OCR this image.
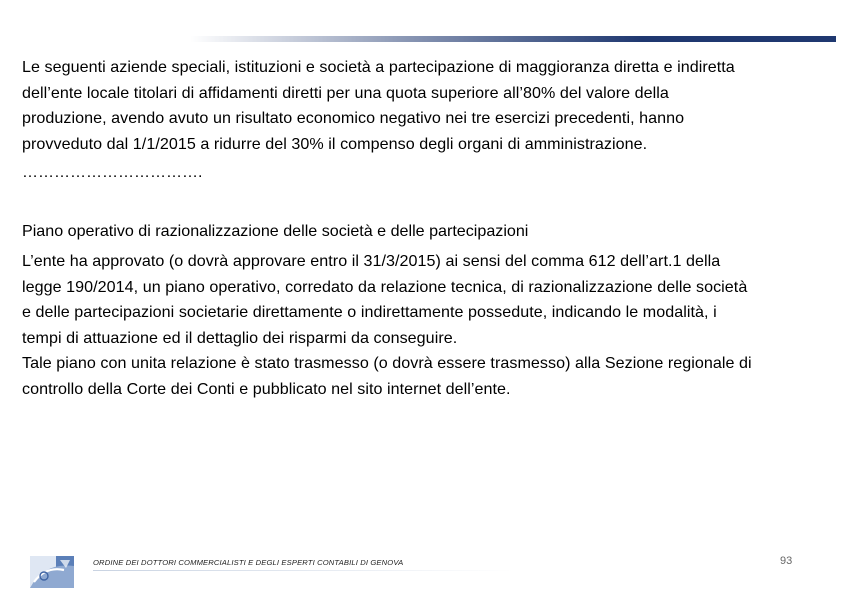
Le seguenti aziende speciali, istituzioni e società a partecipazione di maggioranza diretta e indiretta
dell’ente locale titolari di affidamenti diretti per una quota superiore all’80% del valore della
produzione, avendo avuto un risultato economico negativo nei tre esercizi precedenti, hanno
provveduto dal 1/1/2015 a ridurre del 30% il compenso degli organi di amministrazione.
…………………………….
Piano operativo di razionalizzazione delle società e delle partecipazioni
L’ente ha approvato (o dovrà approvare entro il 31/3/2015) ai sensi del comma 612 dell’art.1 della
legge 190/2014, un piano operativo, corredato da relazione tecnica, di razionalizzazione delle società
e delle partecipazioni societarie direttamente o indirettamente possedute, indicando le modalità, i
tempi di attuazione ed il dettaglio dei risparmi da conseguire.
Tale piano con unita relazione è stato trasmesso (o dovrà essere trasmesso) alla Sezione regionale di
controllo della Corte dei Conti e pubblicato nel sito internet dell’ente.
ORDINE DEI DOTTORI COMMERCIALISTI E DEGLI ESPERTI CONTABILI DI GENOVA	93
